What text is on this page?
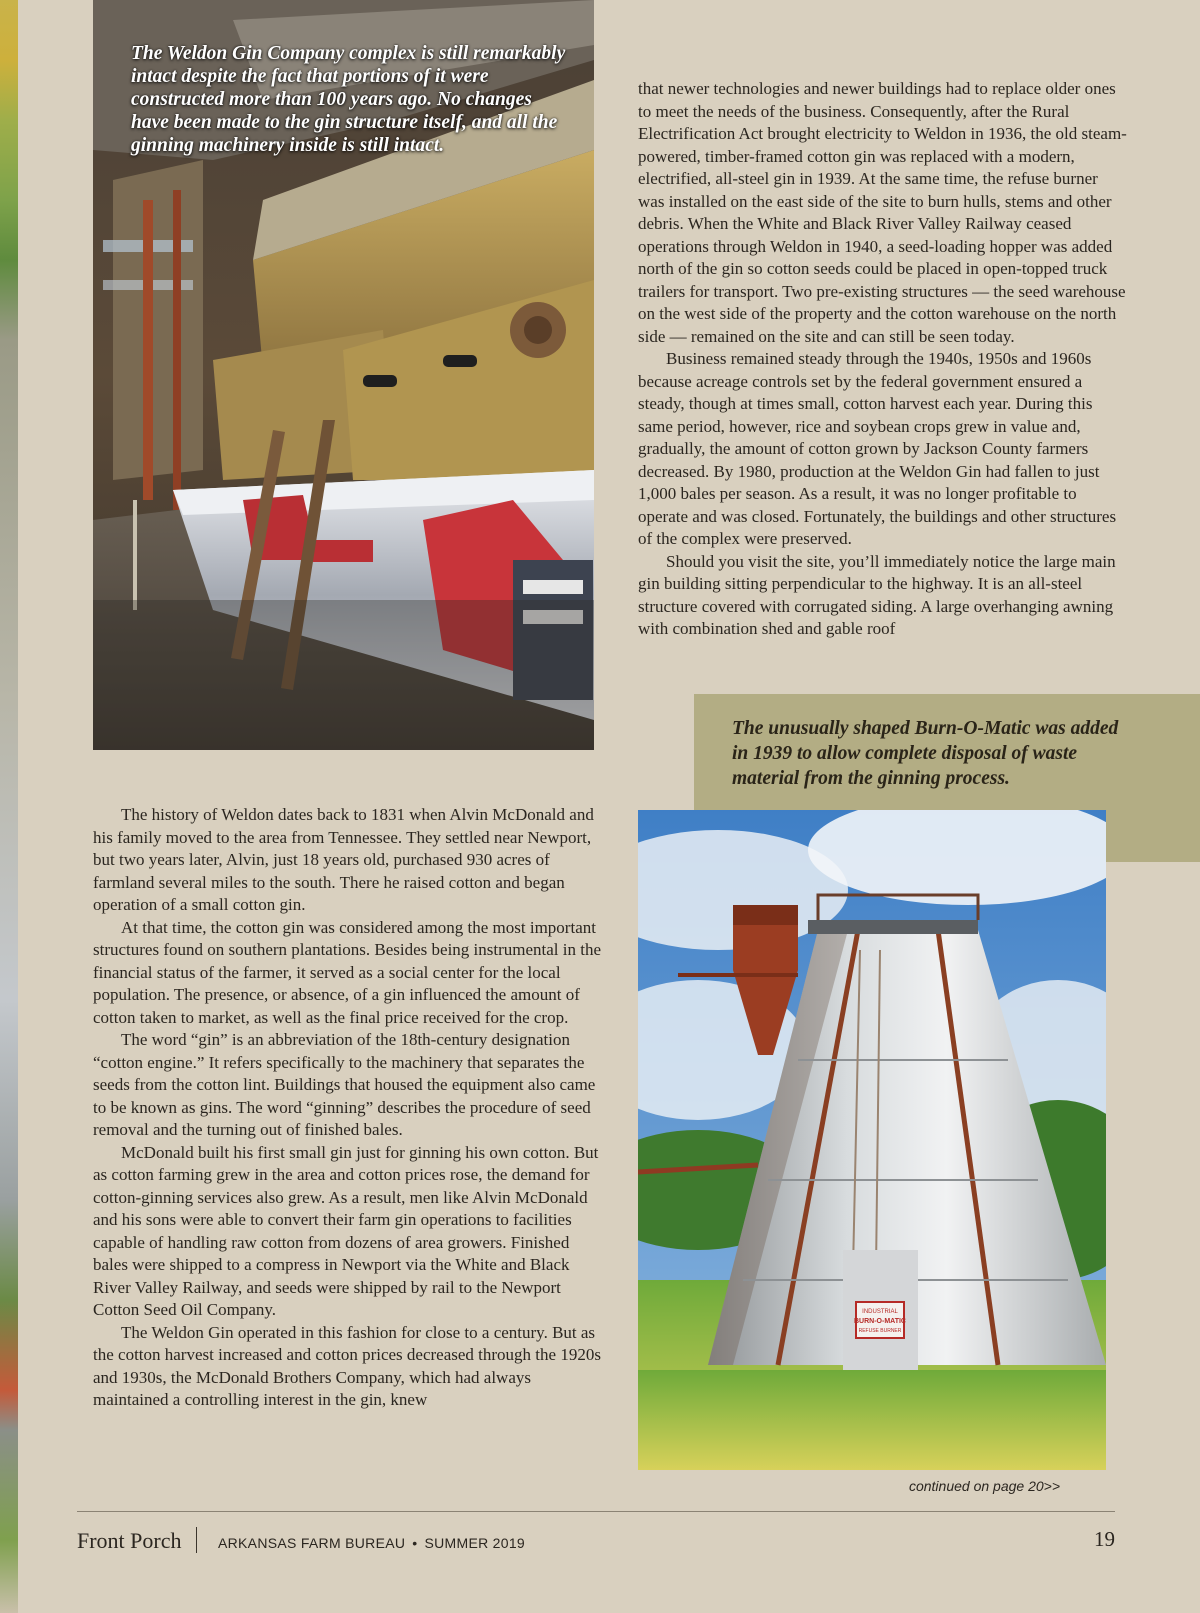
The Weldon Gin Company complex is still remarkably intact despite the fact that portions of it were constructed more than 100 years ago. No changes have been made to the gin structure itself, and all the ginning machinery inside is still intact.
The unusually shaped Burn-O-Matic was added in 1939 to allow complete disposal of waste material from the ginning process.
INDUSTRIAL
BURN-O-MATIC
REFUSE BURNER

that newer technologies and newer buildings had to replace older ones to meet the needs of the business. Consequently, after the Rural Electrification Act brought electricity to Weldon in 1936, the old steam-powered, timber-framed cotton gin was replaced with a modern, electrified, all-steel gin in 1939. At the same time, the refuse burner was installed on the east side of the site to burn hulls, stems and other debris. When the White and Black River Valley Railway ceased operations through Weldon in 1940, a seed-loading hopper was added north of the gin so cotton seeds could be placed in open-topped truck trailers for transport. Two pre-existing structures — the seed warehouse on the west side of the property and the cotton warehouse on the north side — remained on the site and can still be seen today.

Business remained steady through the 1940s, 1950s and 1960s because acreage controls set by the federal government ensured a steady, though at times small, cotton harvest each year. During this same period, however, rice and soybean crops grew in value and, gradually, the amount of cotton grown by Jackson County farmers decreased. By 1980, production at the Weldon Gin had fallen to just 1,000 bales per season. As a result, it was no longer profitable to operate and was closed. Fortunately, the buildings and other structures of the complex were preserved.

Should you visit the site, you’ll immediately notice the large main gin building sitting perpendicular to the highway. It is an all-steel structure covered with corrugated siding. A large overhanging awning with combination shed and gable roof

The history of Weldon dates back to 1831 when Alvin McDonald and his family moved to the area from Tennessee. They settled near Newport, but two years later, Alvin, just 18 years old, purchased 930 acres of farmland several miles to the south. There he raised cotton and began operation of a small cotton gin.

At that time, the cotton gin was considered among the most important structures found on southern plantations. Besides being instrumental in the financial status of the farmer, it served as a social center for the local population. The presence, or absence, of a gin influenced the amount of cotton taken to market, as well as the final price received for the crop.

The word “gin” is an abbreviation of the 18th-century designation “cotton engine.” It refers specifically to the machinery that separates the seeds from the cotton lint. Buildings that housed the equipment also came to be known as gins. The word “ginning” describes the procedure of seed removal and the turning out of finished bales.

McDonald built his first small gin just for ginning his own cotton. But as cotton farming grew in the area and cotton prices rose, the demand for cotton-ginning services also grew. As a result, men like Alvin McDonald and his sons were able to convert their farm gin operations to facilities capable of handling raw cotton from dozens of area growers. Finished bales were shipped to a compress in Newport via the White and Black River Valley Railway, and seeds were shipped by rail to the Newport Cotton Seed Oil Company.

The Weldon Gin operated in this fashion for close to a century. But as the cotton harvest increased and cotton prices decreased through the 1920s and 1930s, the McDonald Brothers Company, which had always maintained a controlling interest in the gin, knew

continued on page 20>>
Front Porch	ARKANSAS FARM BUREAU • SUMMER 2019	19
